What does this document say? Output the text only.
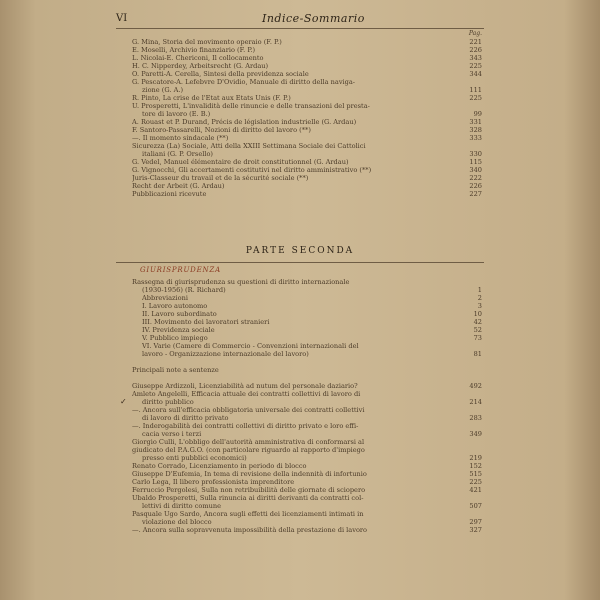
VI	Indice-Sommario
Pag.
G. Mina, Storia del movimento operaio (F. P.)	221
E. Moselli, Archivio finanziario (F. P.)	226
L. Nicolai-E. Chericoni, Il collocamento	343
H. C. Nipperdey, Arbeitsrecht (G. Ardau)	225
O. Paretti-A. Cerella, Sintesi della previdenza sociale	344
G. Pescatore-A. Lefebvre D'Ovidio, Manuale di diritto della naviga-
zione (G. A.)	111
R. Pinto, La crise de l'Etat aux Etats Unis (F. P.)	225
U. Prosperetti, L'invalidità delle rinuncie e delle transazioni del presta-
tore di lavoro (E. B.)	99
A. Rouast et P. Durand, Précis de législation industrielle (G. Ardau)	331
F. Santoro-Passarelli, Nozioni di diritto del lavoro (**)	328
—. Il momento sindacale (**)	333
Sicurezza (La) Sociale, Atti della XXIII Settimana Sociale dei Cattolici
italiani (G. P. Orsello)	330
G. Vedel, Manuel élémentaire de droit constitutionnel (G. Ardau)	115
G. Vignocchi, Gli accertamenti costitutivi nel diritto amministrativo (**)	340
Juris-Classeur du travail et de la sécurité sociale (**)	222
Recht der Arbeit (G. Ardau)	226
Pubblicazioni ricevute	227
PARTE SECONDA
GIURISPRUDENZA
Rassegna di giurisprudenza su questioni di diritto internazionale
(1930-1956) (R. Richard)	1
Abbreviazioni	2
I. Lavoro autonomo	3
II. Lavoro subordinato	10
III. Movimento dei lavoratori stranieri	42
IV. Previdenza sociale	52
V. Pubblico impiego	73
VI. Varie (Camere di Commercio - Convenzioni internazionali del
lavoro - Organizzazione internazionale del lavoro)	81
Principali note a sentenze
Giuseppe Ardizzoli, Licenziabilità ad nutum del personale daziario?	492
Amleto Angelelli, Efficacia attuale dei contratti collettivi di lavoro di
diritto pubblico	214
—. Ancora sull'efficacia obbligatoria universale dei contratti collettivi
di lavoro di diritto privato	283
—. Inderogabilità dei contratti collettivi di diritto privato e loro effi-
cacia verso i terzi	349
Giorgio Culli, L'obbligo dell'autorità amministrativa di conformarsi al
giudicato del P.A.G.O. (con particolare riguardo al rapporto d'impiego
presso enti pubblici economici)	219
Renato Corrado, Licenziamento in periodo di blocco	152
Giuseppe D'Eufemia, In tema di revisione della indennità di infortunio	515
Carlo Lega, Il libero professionista imprenditore	225
Ferruccio Pergolesi, Sulla non retribuibilità delle giornate di sciopero	421
Ubaldo Prosperetti, Sulla rinuncia ai diritti derivanti da contratti col-
lettivi di diritto comune	507
Pasquale Ugo Sardo, Ancora sugli effetti dei licenziamenti intimati in
violazione del blocco	297
—. Ancora sulla sopravvenuta impossibilità della prestazione di lavoro	327
✓
